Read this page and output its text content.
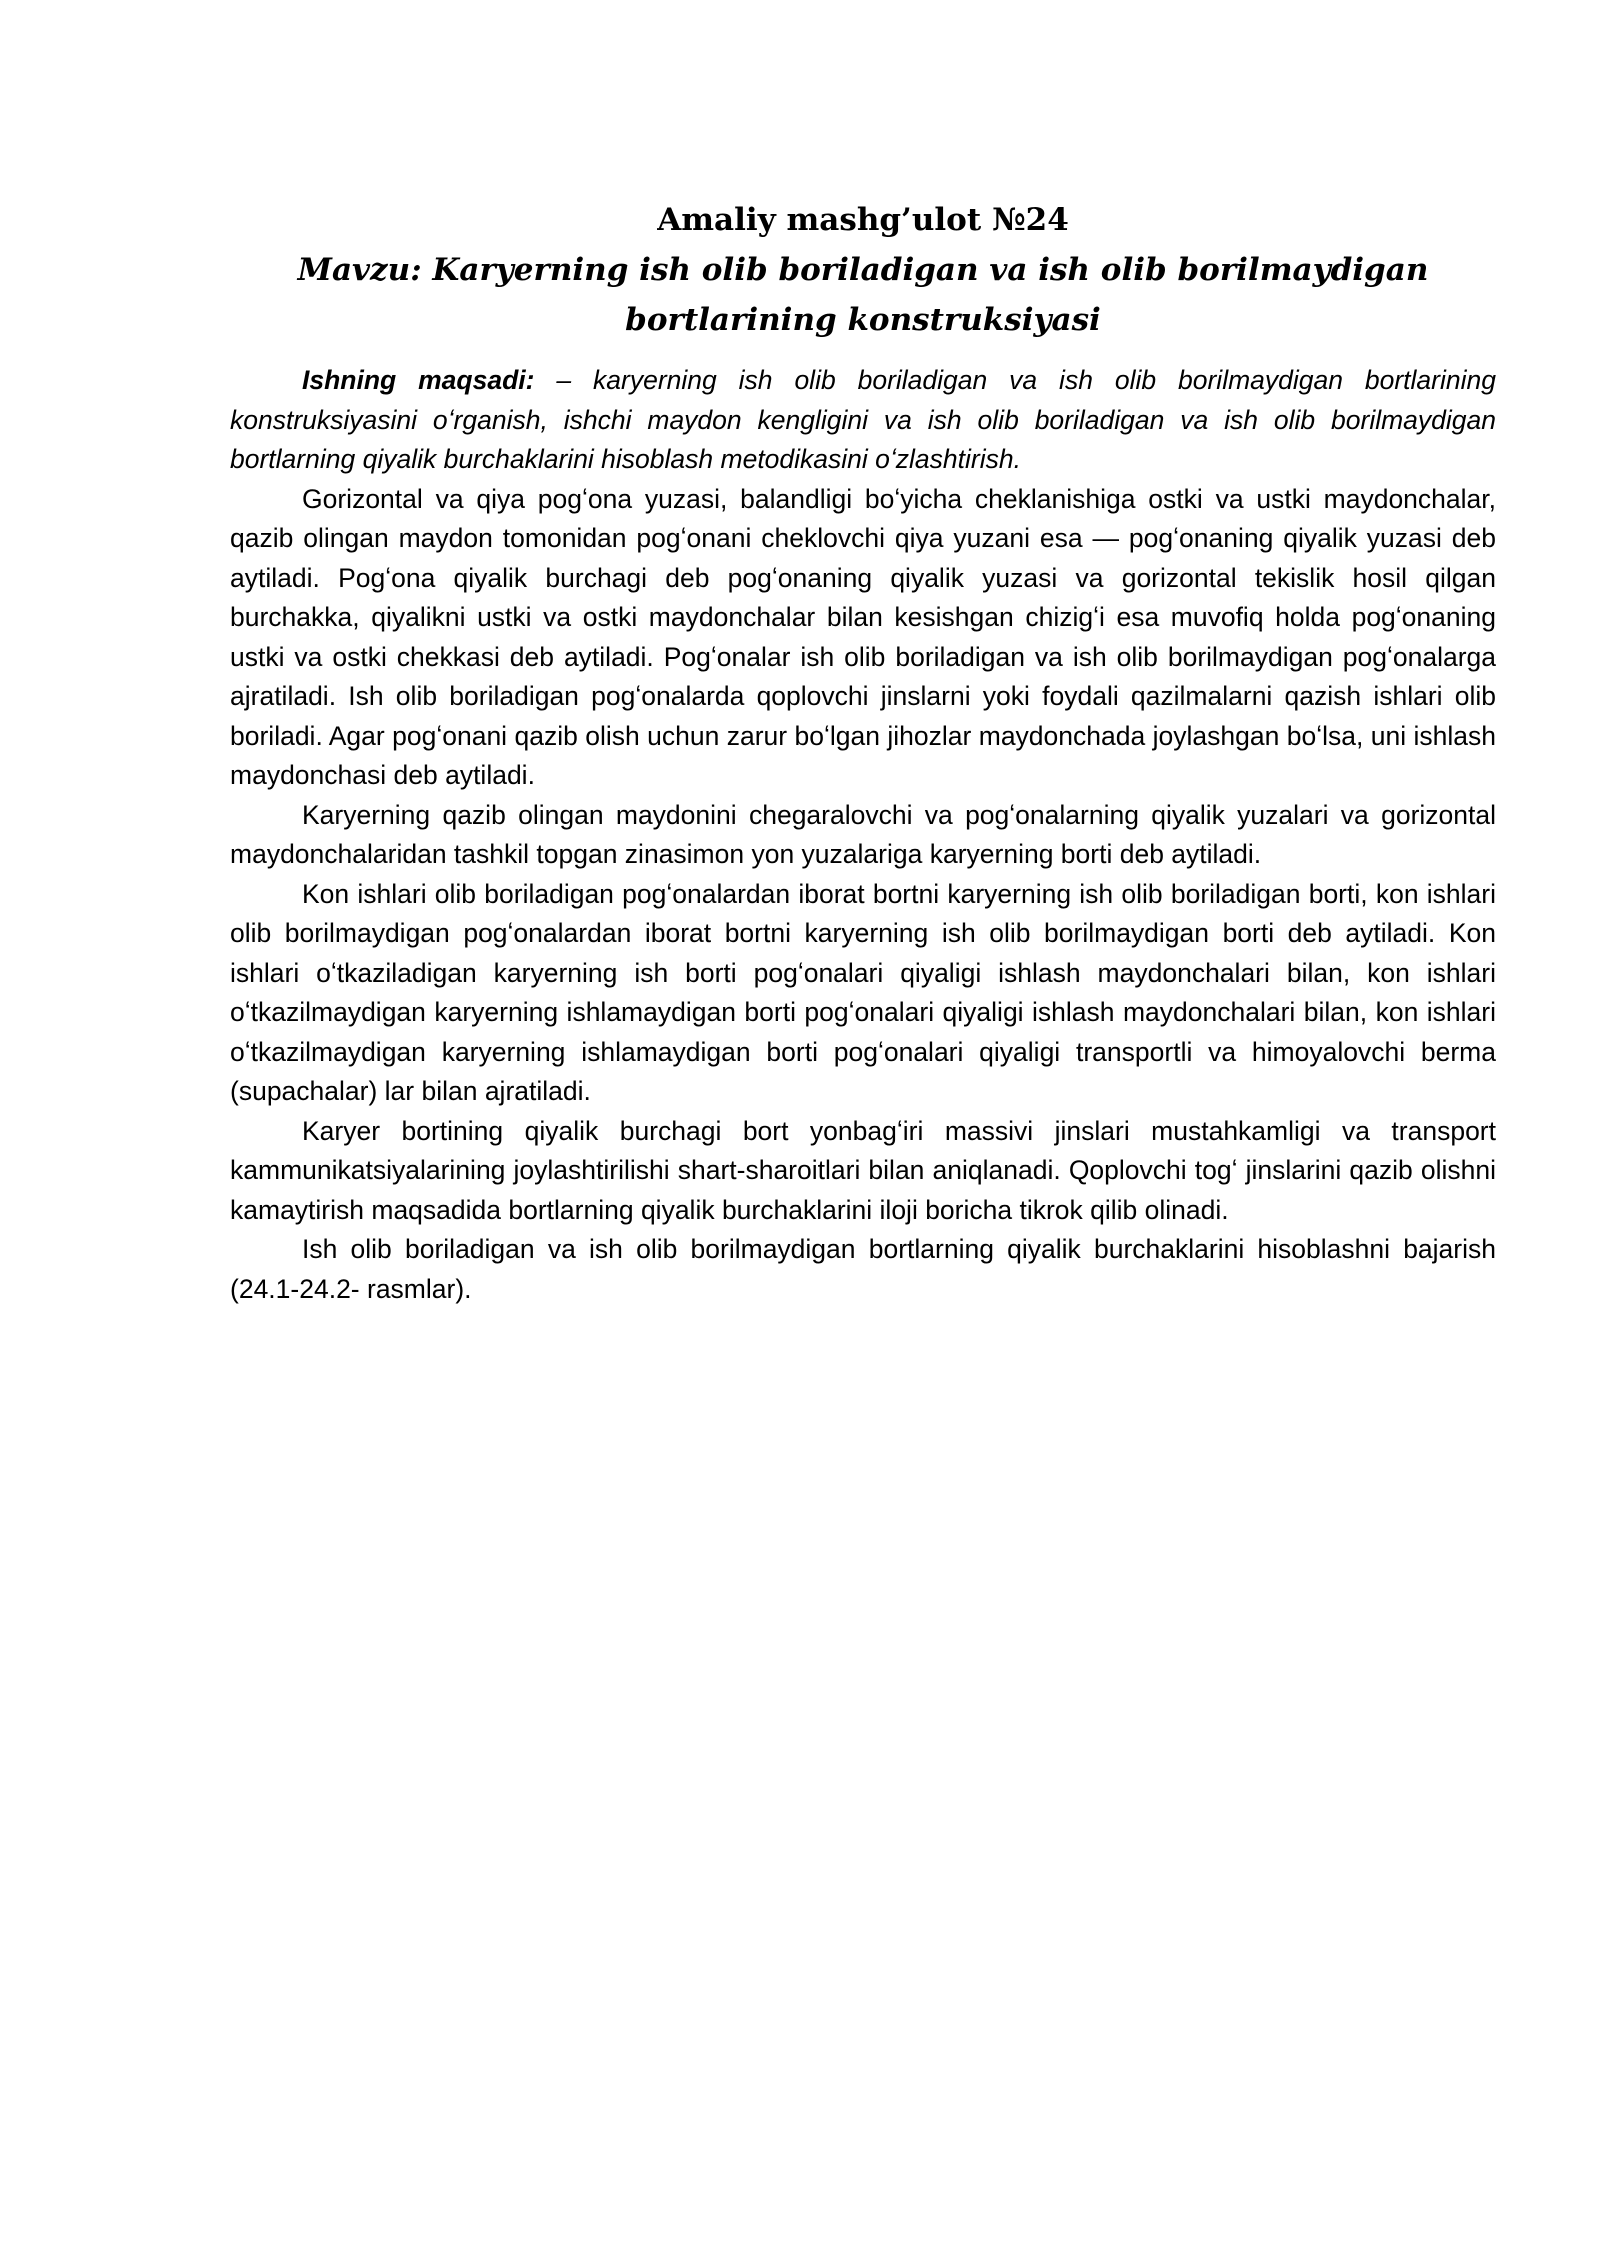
Amaliy mashg’ulot №24
Mavzu: Karyerning ish olib boriladigan va ish olib borilmaydigan bortlarining konstruksiyasi

Ishning maqsadi: – karyerning ish olib boriladigan va ish olib borilmaydigan bortlarining konstruksiyasini oʻrganish, ishchi maydon kengligini va ish olib boriladigan va ish olib borilmaydigan bortlarning qiyalik burchaklarini hisoblash metodikasini oʻzlashtirish.

Gorizontal va qiya pogʻona yuzasi, balandligi boʻyicha cheklanishiga ostki va ustki maydonchalar, qazib olingan maydon tomonidan pogʻonani cheklovchi qiya yuzani esa — pogʻonaning qiyalik yuzasi deb aytiladi. Pogʻona qiyalik burchagi deb pogʻonaning qiyalik yuzasi va gorizontal tekislik hosil qilgan burchakka, qiyalikni ustki va ostki maydonchalar bilan kesishgan chizigʻi esa muvofiq holda pogʻonaning ustki va ostki chekkasi deb aytiladi. Pogʻonalar ish olib boriladigan va ish olib borilmaydigan pogʻonalarga ajratiladi. Ish olib boriladigan pogʻonalarda qoplovchi jinslarni yoki foydali qazilmalarni qazish ishlari olib boriladi. Agar pogʻonani qazib olish uchun zarur boʻlgan jihozlar maydonchada joylashgan boʻlsa, uni ishlash maydonchasi deb aytiladi.

Karyerning qazib olingan maydonini chegaralovchi va pogʻonalarning qiyalik yuzalari va gorizontal maydonchalaridan tashkil topgan zinasimon yon yuzalariga karyerning borti deb aytiladi.

Kon ishlari olib boriladigan pogʻonalardan iborat bortni karyerning ish olib boriladigan borti, kon ishlari olib borilmaydigan pogʻonalardan iborat bortni karyerning ish olib borilmaydigan borti deb aytiladi. Kon ishlari oʻtkaziladigan karyerning ish borti pogʻonalari qiyaligi ishlash maydonchalari bilan, kon ishlari oʻtkazilmaydigan karyerning ishlamaydigan borti pogʻonalari qiyaligi ishlash maydonchalari bilan, kon ishlari oʻtkazilmaydigan karyerning ishlamaydigan borti pogʻonalari qiyaligi transportli va himoyalovchi berma (supachalar) lar bilan ajratiladi.

Karyer bortining qiyalik burchagi bort yonbagʻiri massivi jinslari mustahkamligi va transport kammunikatsiyalarining joylashtirilishi shart-sharoitlari bilan aniqlanadi. Qoplovchi togʻ jinslarini qazib olishni kamaytirish maqsadida bortlarning qiyalik burchaklarini iloji boricha tikrok qilib olinadi.

Ish olib boriladigan va ish olib borilmaydigan bortlarning qiyalik burchaklarini hisoblashni bajarish (24.1-24.2- rasmlar).
